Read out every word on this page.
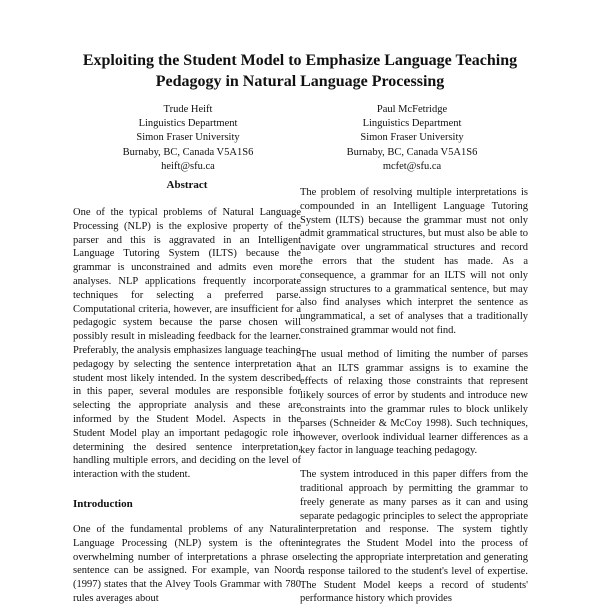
Exploiting the Student Model to Emphasize Language Teaching Pedagogy in Natural Language Processing
Trude Heift
Linguistics Department
Simon Fraser University
Burnaby, BC, Canada V5A1S6
heift@sfu.ca
Paul McFetridge
Linguistics Department
Simon Fraser University
Burnaby, BC, Canada V5A1S6
mcfet@sfu.ca
Abstract

One of the typical problems of Natural Language Processing (NLP) is the explosive property of the parser and this is aggravated in an Intelligent Language Tutoring System (ILTS) because the grammar is unconstrained and admits even more analyses. NLP applications frequently incorporate techniques for selecting a preferred parse. Computational criteria, however, are insufficient for a pedagogic system because the parse chosen will possibly result in misleading feedback for the learner. Preferably, the analysis emphasizes language teaching pedagogy by selecting the sentence interpretation a student most likely intended. In the system described in this paper, several modules are responsible for selecting the appropriate analysis and these are informed by the Student Model. Aspects in the Student Model play an important pedagogic role in determining the desired sentence interpretation, handling multiple errors, and deciding on the level of interaction with the student.

Introduction

One of the fundamental problems of any Natural Language Processing (NLP) system is the often overwhelming number of interpretations a phrase or sentence can be assigned. For example, van Noord (1997) states that the Alvey Tools Grammar with 780 rules averages about

The problem of resolving multiple interpretations is compounded in an Intelligent Language Tutoring System (ILTS) because the grammar must not only admit grammatical structures, but must also be able to navigate over ungrammatical structures and record the errors that the student has made. As a consequence, a grammar for an ILTS will not only assign structures to a grammatical sentence, but may also find analyses which interpret the sentence as ungrammatical, a set of analyses that a traditionally constrained grammar would not find.

The usual method of limiting the number of parses that an ILTS grammar assigns is to examine the effects of relaxing those constraints that represent likely sources of error by students and introduce new constraints into the grammar rules to block unlikely parses (Schneider & McCoy 1998). Such techniques, however, overlook individual learner differences as a key factor in language teaching pedagogy.

The system introduced in this paper differs from the traditional approach by permitting the grammar to freely generate as many parses as it can and using separate pedagogic principles to select the appropriate interpretation and response. The system tightly integrates the Student Model into the process of selecting the appropriate interpretation and generating a response tailored to the student's level of expertise. The Student Model keeps a record of students' performance history which provides
